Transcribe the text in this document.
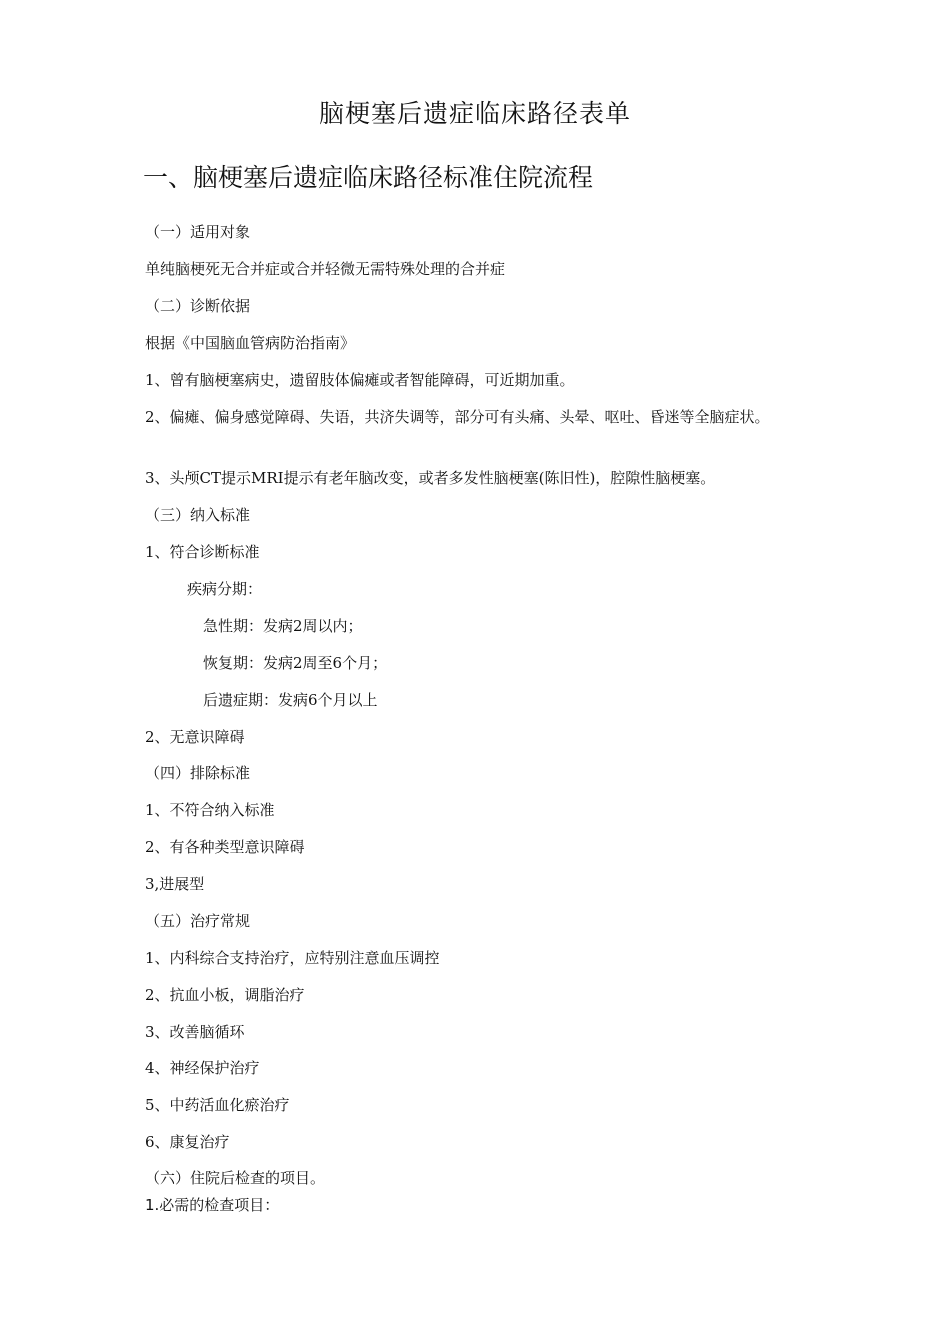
脑梗塞后遗症临床路径表单
一、脑梗塞后遗症临床路径标准住院流程
（一）适用对象
单纯脑梗死无合并症或合并轻微无需特殊处理的合并症
（二）诊断依据
根据《中国脑血管病防治指南》
1、曾有脑梗塞病史，遗留肢体偏瘫或者智能障碍，可近期加重。
2、偏瘫、偏身感觉障碍、失语，共济失调等，部分可有头痛、头晕、呕吐、昏迷等全脑症状。
3、头颅CT提示MRI提示有老年脑改变，或者多发性脑梗塞(陈旧性)，腔隙性脑梗塞。
（三）纳入标准
1、符合诊断标准
疾病分期：
急性期：发病2周以内；
恢复期：发病2周至6个月；
后遗症期：发病6个月以上
2、无意识障碍
（四）排除标准
1、不符合纳入标准
2、有各种类型意识障碍
3,进展型
（五）治疗常规
1、内科综合支持治疗，应特别注意血压调控
2、抗血小板，调脂治疗
3、改善脑循环
4、神经保护治疗
5、中药活血化瘀治疗
6、康复治疗
（六）住院后检查的项目。
1.必需的检查项目：
